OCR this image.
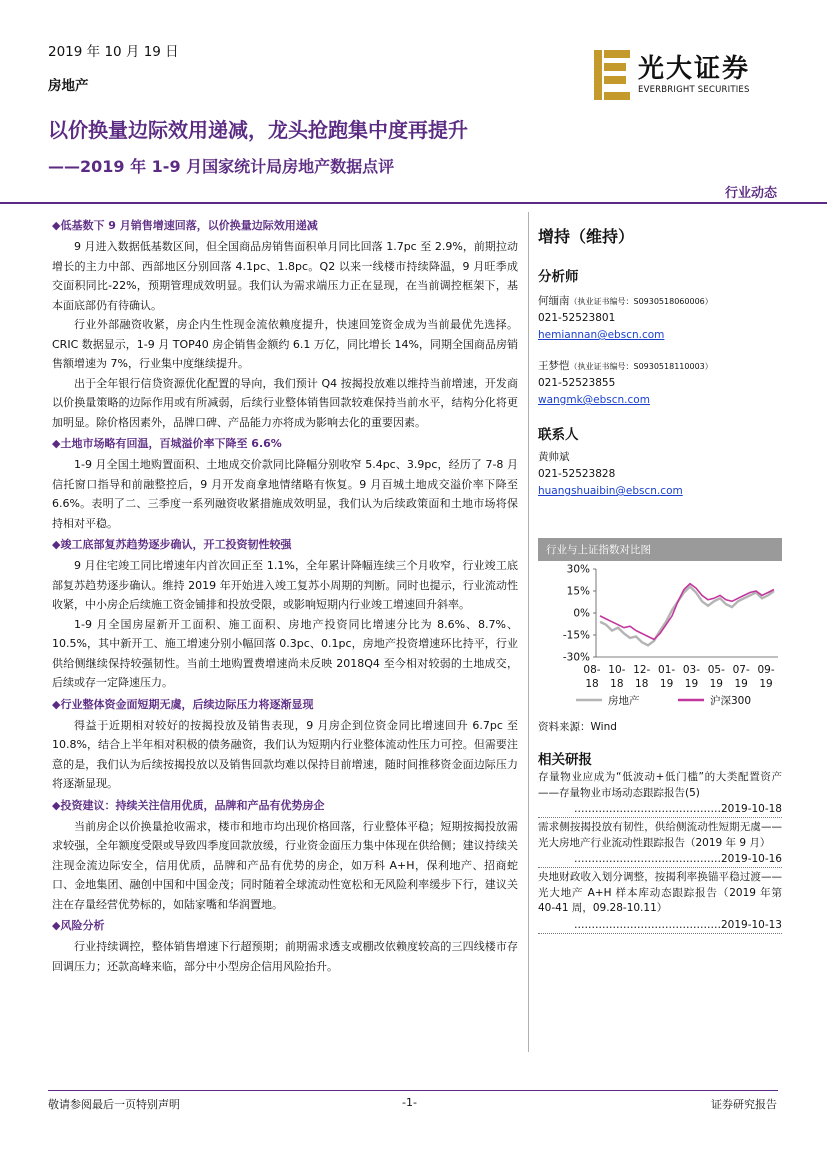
2019 年 10 月 19 日
房地产
光大证券
EVERBRIGHT SECURITIES
以价换量边际效用递减，龙头抢跑集中度再提升
——2019 年 1-9 月国家统计局房地产数据点评
行业动态
◆低基数下 9 月销售增速回落，以价换量边际效用递减

9 月进入数据低基数区间，但全国商品房销售面积单月同比回落 1.7pc 至 2.9%，前期拉动增长的主力中部、西部地区分别回落 4.1pc、1.8pc。Q2 以来一线楼市持续降温，9 月旺季成交面积同比-22%，预期管理成效明显。我们认为需求端压力正在显现，在当前调控框架下，基本面底部仍有待确认。

行业外部融资收紧，房企内生性现金流依赖度提升，快速回笼资金成为当前最优先选择。CRIC 数据显示，1-9 月 TOP40 房企销售金额约 6.1 万亿，同比增长 14%，同期全国商品房销售额增速为 7%，行业集中度继续提升。

出于全年银行信贷资源优化配置的导向，我们预计 Q4 按揭投放难以维持当前增速，开发商以价换量策略的边际作用或有所减弱，后续行业整体销售回款较难保持当前水平，结构分化将更加明显。除价格因素外，品牌口碑、产品能力亦将成为影响去化的重要因素。

◆土地市场略有回温，百城溢价率下降至 6.6%

1-9 月全国土地购置面积、土地成交价款同比降幅分别收窄 5.4pc、3.9pc，经历了 7-8 月信托窗口指导和前融整控后，9 月开发商拿地情绪略有恢复。9 月百城土地成交溢价率下降至 6.6%。表明了二、三季度一系列融资收紧措施成效明显，我们认为后续政策面和土地市场将保持相对平稳。

◆竣工底部复苏趋势逐步确认，开工投资韧性较强

9 月住宅竣工同比增速年内首次回正至 1.1%，全年累计降幅连续三个月收窄，行业竣工底部复苏趋势逐步确认。维持 2019 年开始进入竣工复苏小周期的判断。同时也提示，行业流动性收紧，中小房企后续施工资金铺排和投放受限，或影响短期内行业竣工增速回升斜率。

1-9 月全国房屋新开工面积、施工面积、房地产投资同比增速分比为 8.6%、8.7%、10.5%，其中新开工、施工增速分别小幅回落 0.3pc、0.1pc，房地产投资增速环比持平，行业供给侧继续保持较强韧性。当前土地购置费增速尚未反映 2018Q4 至今相对较弱的土地成交，后续或存一定降速压力。

◆行业整体资金面短期无虞，后续边际压力将逐渐显现

得益于近期相对较好的按揭投放及销售表现，9 月房企到位资金同比增速回升 6.7pc 至 10.8%，结合上半年相对积极的债务融资，我们认为短期内行业整体流动性压力可控。但需要注意的是，我们认为后续按揭投放以及销售回款均难以保持目前增速，随时间推移资金面边际压力将逐渐显现。

◆投资建议：持续关注信用优质，品牌和产品有优势房企

当前房企以价换量抢收需求，楼市和地市均出现价格回落，行业整体平稳；短期按揭投放需求较强，全年额度受限或导致四季度回款放缓，行业资金面压力集中体现在供给侧；建议持续关注现金流边际安全，信用优质，品牌和产品有优势的房企，如万科 A+H，保利地产、招商蛇口、金地集团、融创中国和中国金茂；同时随着全球流动性宽松和无风险利率缓步下行，建议关注在存量经营优势标的，如陆家嘴和华润置地。

◆风险分析

行业持续调控，整体销售增速下行超预期；前期需求透支或棚改依赖度较高的三四线楼市存回调压力；还款高峰来临，部分中小型房企信用风险抬升。

增持（维持）
分析师
何缅南（执业证书编号：S0930518060006）
021-52523801
hemiannan@ebscn.com
王梦恺（执业证书编号：S0930518110003）
021-52523855
wangmk@ebscn.com
联系人
黄帅斌
021-52523828
huangshuaibin@ebscn.com
行业与上证指数对比图
30%
15%
0%
-15%
-30%
08-
18
10-
18
12-
18
01-
19
03-
19
05-
19
07-
19
09-
19
房地产	沪深300
资料来源：Wind
相关研报

存量物业应成为“低波动+低门槛”的大类配置资产——存量物业市场动态跟踪报告(5)

……………………………………2019-10-18

需求侧按揭投放有韧性，供给侧流动性短期无虞——光大房地产行业流动性跟踪报告（2019 年 9 月）

……………………………………2019-10-16

央地财政收入划分调整，按揭利率换锚平稳过渡——光大地产 A+H 样本库动态跟踪报告（2019 年第 40-41 周，09.28-10.11）

……………………………………2019-10-13
敬请参阅最后一页特别声明	-1-	证券研究报告
